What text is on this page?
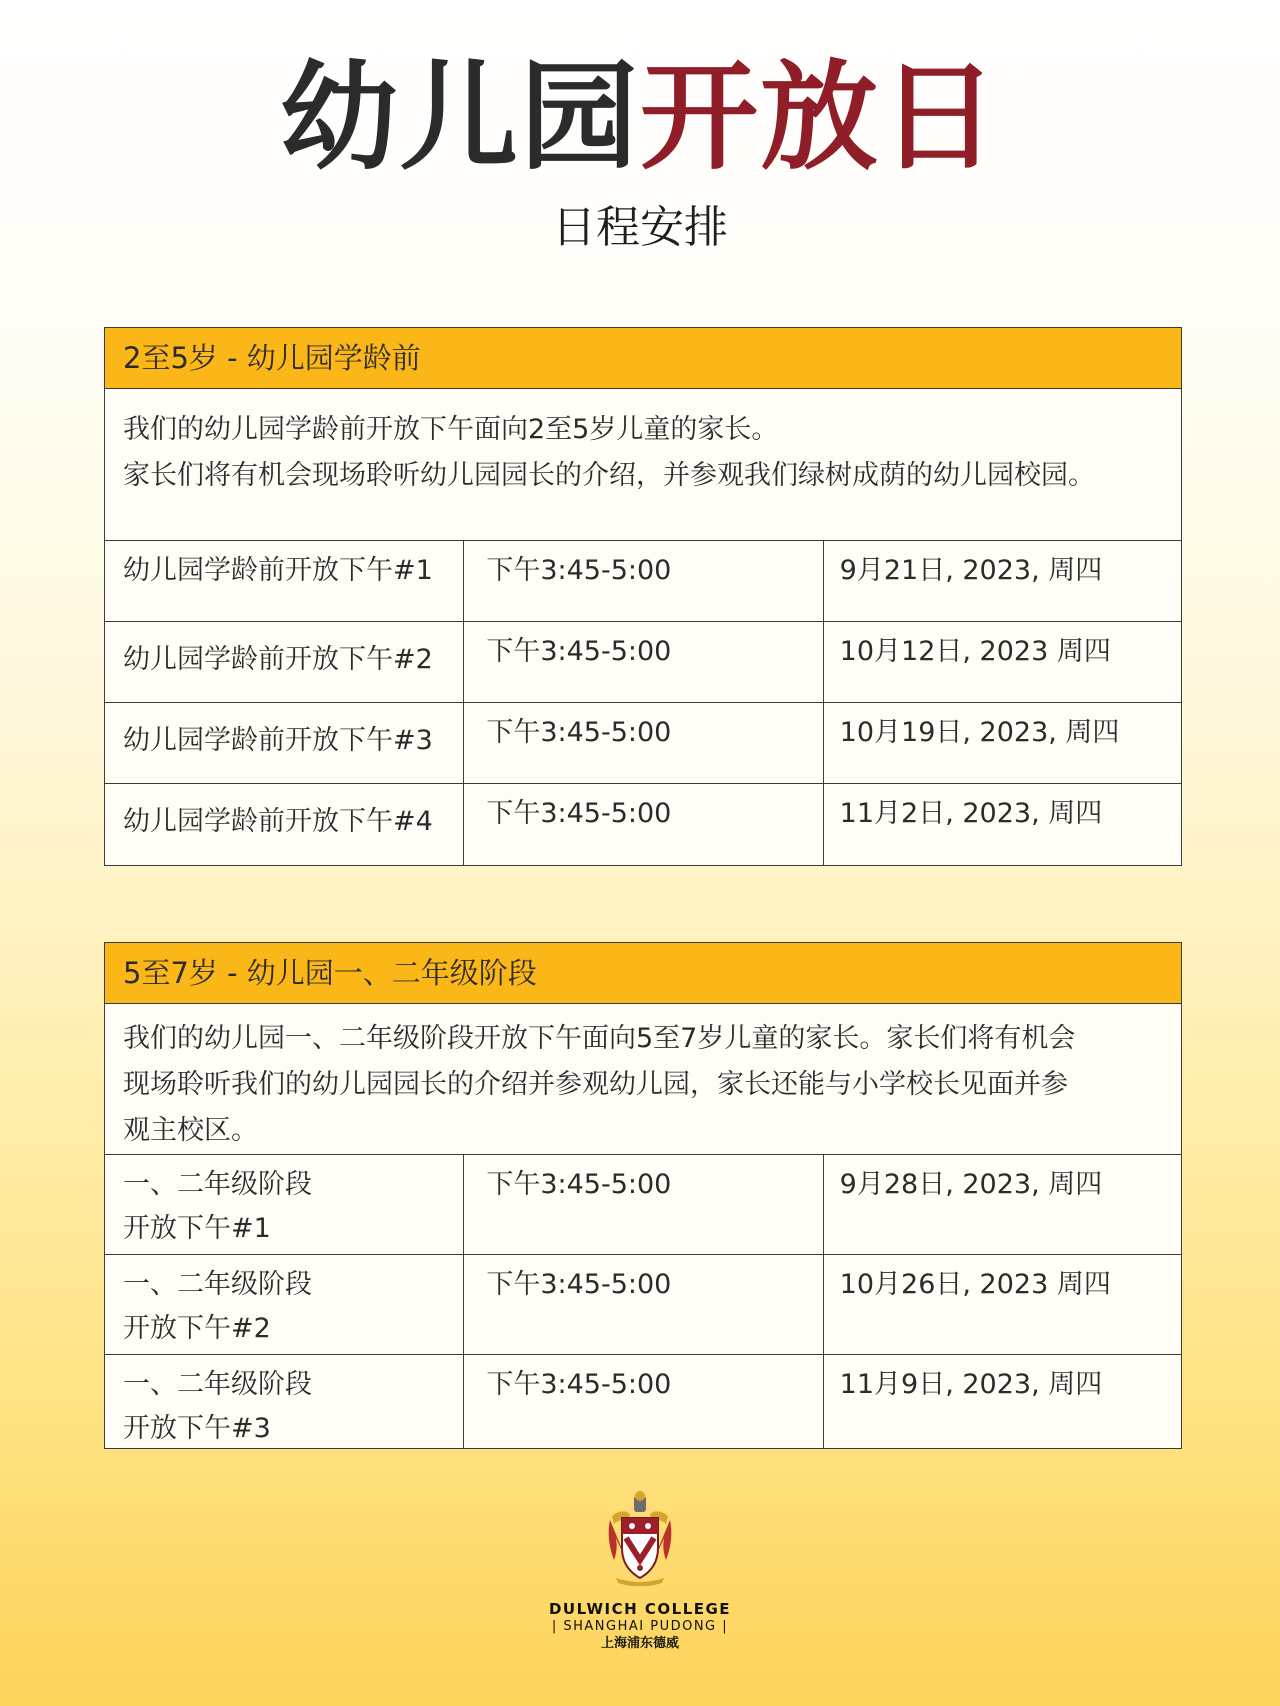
幼儿园开放日
日程安排
2至5岁 - 幼儿园学龄前

我们的幼儿园学龄前开放下午面向2至5岁儿童的家长。

家长们将有机会现场聆听幼儿园园长的介绍，并参观我们绿树成荫的幼儿园校园。

幼儿园学龄前开放下午#1	下午3:45-5:00	9月21日, 2023, 周四
幼儿园学龄前开放下午#2	下午3:45-5:00	10月12日, 2023 周四
幼儿园学龄前开放下午#3	下午3:45-5:00	10月19日, 2023, 周四
幼儿园学龄前开放下午#4	下午3:45-5:00	11月2日, 2023, 周四
5至7岁 - 幼儿园一、二年级阶段

我们的幼儿园一、二年级阶段开放下午面向5至7岁儿童的家长。家长们将有机会

现场聆听我们的幼儿园园长的介绍并参观幼儿园，家长还能与小学校长见面并参

观主校区。

一、二年级阶段
开放下午#1
下午3:45-5:00	9月28日, 2023, 周四
一、二年级阶段
开放下午#2
下午3:45-5:00	10月26日, 2023 周四
一、二年级阶段
开放下午#3
下午3:45-5:00	11月9日, 2023, 周四
DULWICH COLLEGE
| SHANGHAI PUDONG |
上海浦东德威
